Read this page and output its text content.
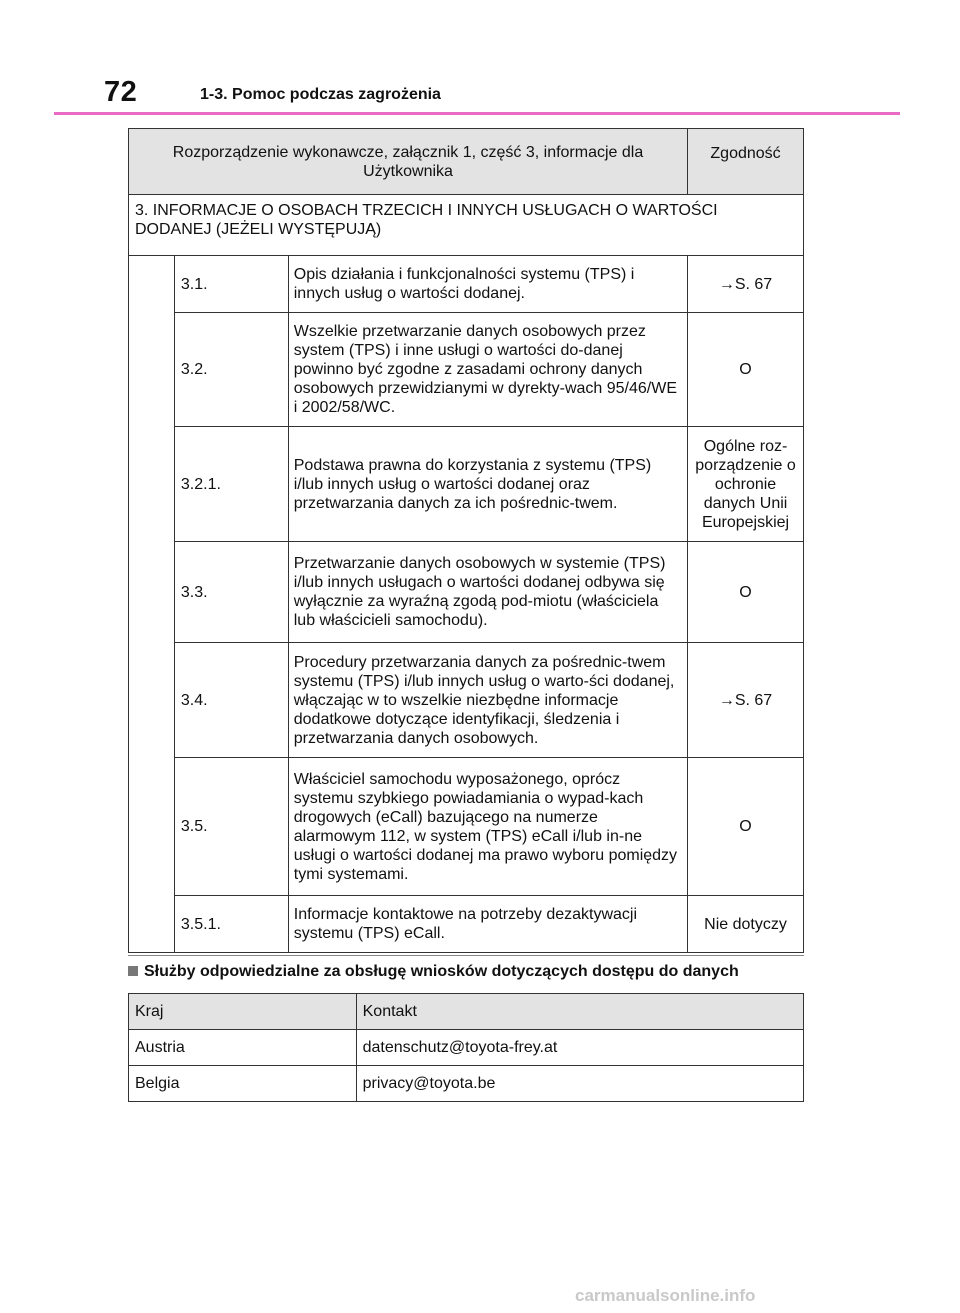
72	1-3. Pomoc podczas zagrożenia
Rozporządzenie wykonawcze, załącznik 1, część 3, informacje dla Użytkownika			Zgodność
3. INFORMACJE O OSOBACH TRZECICH I INNYCH USŁUGACH O WARTOŚCI DODANEJ (JEŻELI WYSTĘPUJĄ)			
	3.1.	Opis działania i funkcjonalności systemu (TPS) i innych usług o wartości dodanej.	→S. 67
	3.2.	Wszelkie przetwarzanie danych osobowych przez system (TPS) i inne usługi o wartości do-danej powinno być zgodne z zasadami ochrony danych osobowych przewidzianymi w dyrekty-wach 95/46/WE i 2002/58/WC.	O
	3.2.1.	Podstawa prawna do korzystania z systemu (TPS) i/lub innych usług o wartości dodanej oraz przetwarzania danych za ich pośrednic-twem.	Ogólne roz-porządzenie o ochronie danych Unii Europejskiej
	3.3.	Przetwarzanie danych osobowych w systemie (TPS) i/lub innych usługach o wartości dodanej odbywa się wyłącznie za wyraźną zgodą pod-miotu (właściciela lub właścicieli samochodu).	O
	3.4.	Procedury przetwarzania danych za pośrednic-twem systemu (TPS) i/lub innych usług o warto-ści dodanej, włączając w to wszelkie niezbędne informacje dodatkowe dotyczące identyfikacji, śledzenia i przetwarzania danych osobowych.	→S. 67
	3.5.	Właściciel samochodu wyposażonego, oprócz systemu szybkiego powiadamiania o wypad-kach drogowych (eCall) bazującego na numerze alarmowym 112, w system (TPS) eCall i/lub in-ne usługi o wartości dodanej ma prawo wyboru pomiędzy tymi systemami.	O
	3.5.1.	Informacje kontaktowe na potrzeby dezaktywacji systemu (TPS) eCall.	Nie dotyczy
Służby odpowiedzialne za obsługę wniosków dotyczących dostępu do danych
Kraj	Kontakt
Austria	datenschutz@toyota-frey.at
Belgia	privacy@toyota.be
carmanualsonline.info
